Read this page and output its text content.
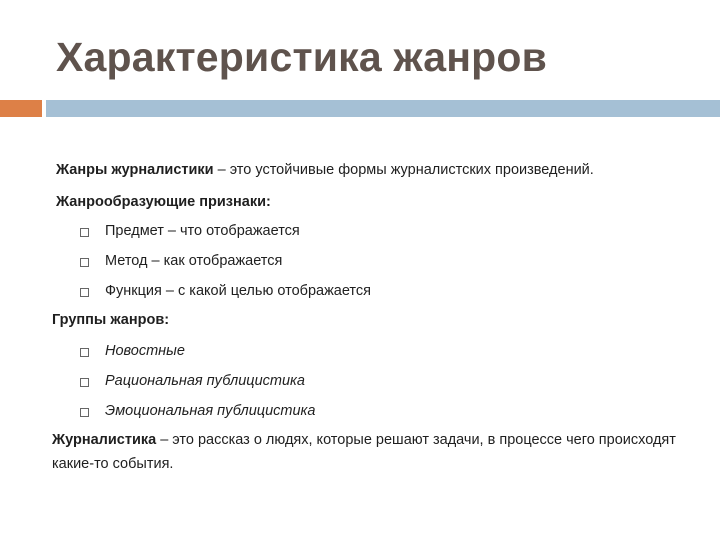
Характеристика жанров
Жанры журналистики – это устойчивые формы журналистских произведений.
Жанрообразующие признаки:
Предмет – что отображается
Метод – как отображается
Функция – с какой целью отображается
Группы жанров:
Новостные
Рациональная публицистика
Эмоциональная публицистика
Журналистика – это рассказ о людях, которые решают задачи, в процессе чего происходят какие-то события.
